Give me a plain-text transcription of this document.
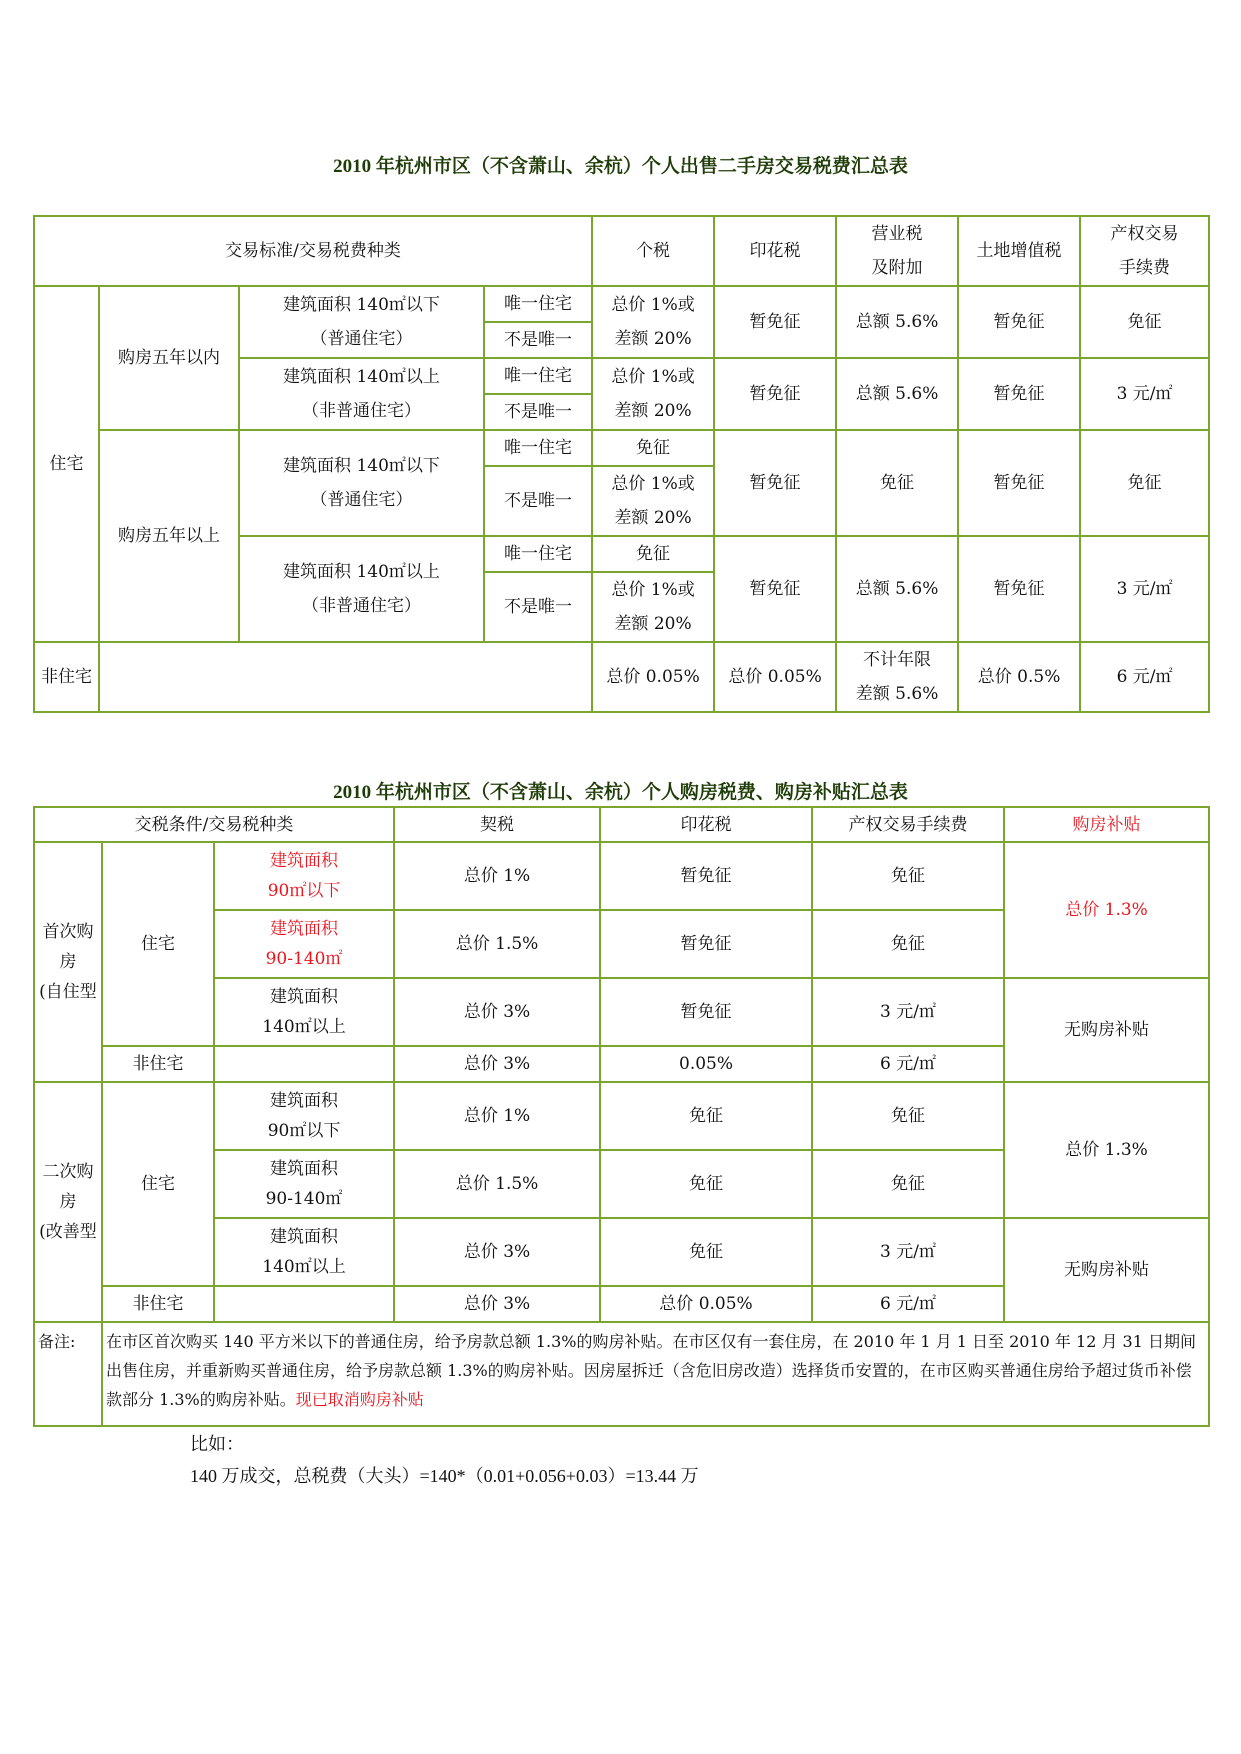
2010 年杭州市区（不含萧山、余杭）个人出售二手房交易税费汇总表
交易标准/交易税费种类				个税	印花税	营业税
及附加	土地增值税	产权交易
手续费
住宅	购房五年以内	建筑面积 140㎡以下
（普通住宅）	唯一住宅	总价 1%或
差额 20%	暂免征	总额 5.6%	暂免征	免征
			不是唯一					
		建筑面积 140㎡以上
（非普通住宅）	唯一住宅	总价 1%或
差额 20%	暂免征	总额 5.6%	暂免征	3 元/㎡
			不是唯一					
	购房五年以上	建筑面积 140㎡以下
（普通住宅）	唯一住宅	免征	暂免征	免征	暂免征	免征
			不是唯一	总价 1%或
差额 20%				

		建筑面积 140㎡以上
（非普通住宅）	唯一住宅	免征	暂免征	总额 5.6%	暂免征	3 元/㎡
			不是唯一	总价 1%或
差额 20%				

非住宅				总价 0.05%	总价 0.05%	不计年限
差额 5.6%	总价 0.5%	6 元/㎡
2010 年杭州市区（不含萧山、余杭）个人购房税费、购房补贴汇总表
交税条件/交易税种类			契税	印花税	产权交易手续费	购房补贴
首次购
房
(自住型	住宅	建筑面积
90㎡以下	总价 1%	暂免征	免征	总价 1.3%
		建筑面积
90-140㎡	总价 1.5%	暂免征	免征	
		建筑面积
140㎡以上	总价 3%	暂免征	3 元/㎡	无购房补贴
	非住宅		总价 3%	0.05%	6 元/㎡	
二次购
房
(改善型	住宅	建筑面积
90㎡以下	总价 1%	免征	免征	总价 1.3%
		建筑面积
90-140㎡	总价 1.5%	免征	免征	
		建筑面积
140㎡以上	总价 3%	免征	3 元/㎡	无购房补贴
	非住宅		总价 3%	总价 0.05%	6 元/㎡	
备注:	在市区首次购买 140 平方米以下的普通住房，给予房款总额 1.3%的购房补贴。在市区仅有一套住房，在 2010 年 1 月 1 日至 2010 年 12 月 31 日期间出售住房，并重新购买普通住房，给予房款总额 1.3%的购房补贴。因房屋拆迁（含危旧房改造）选择货币安置的，在市区购买普通住房给予超过货币补偿款部分 1.3%的购房补贴。现已取消购房补贴					
比如：
140 万成交，总税费（大头）=140*（0.01+0.056+0.03）=13.44 万
